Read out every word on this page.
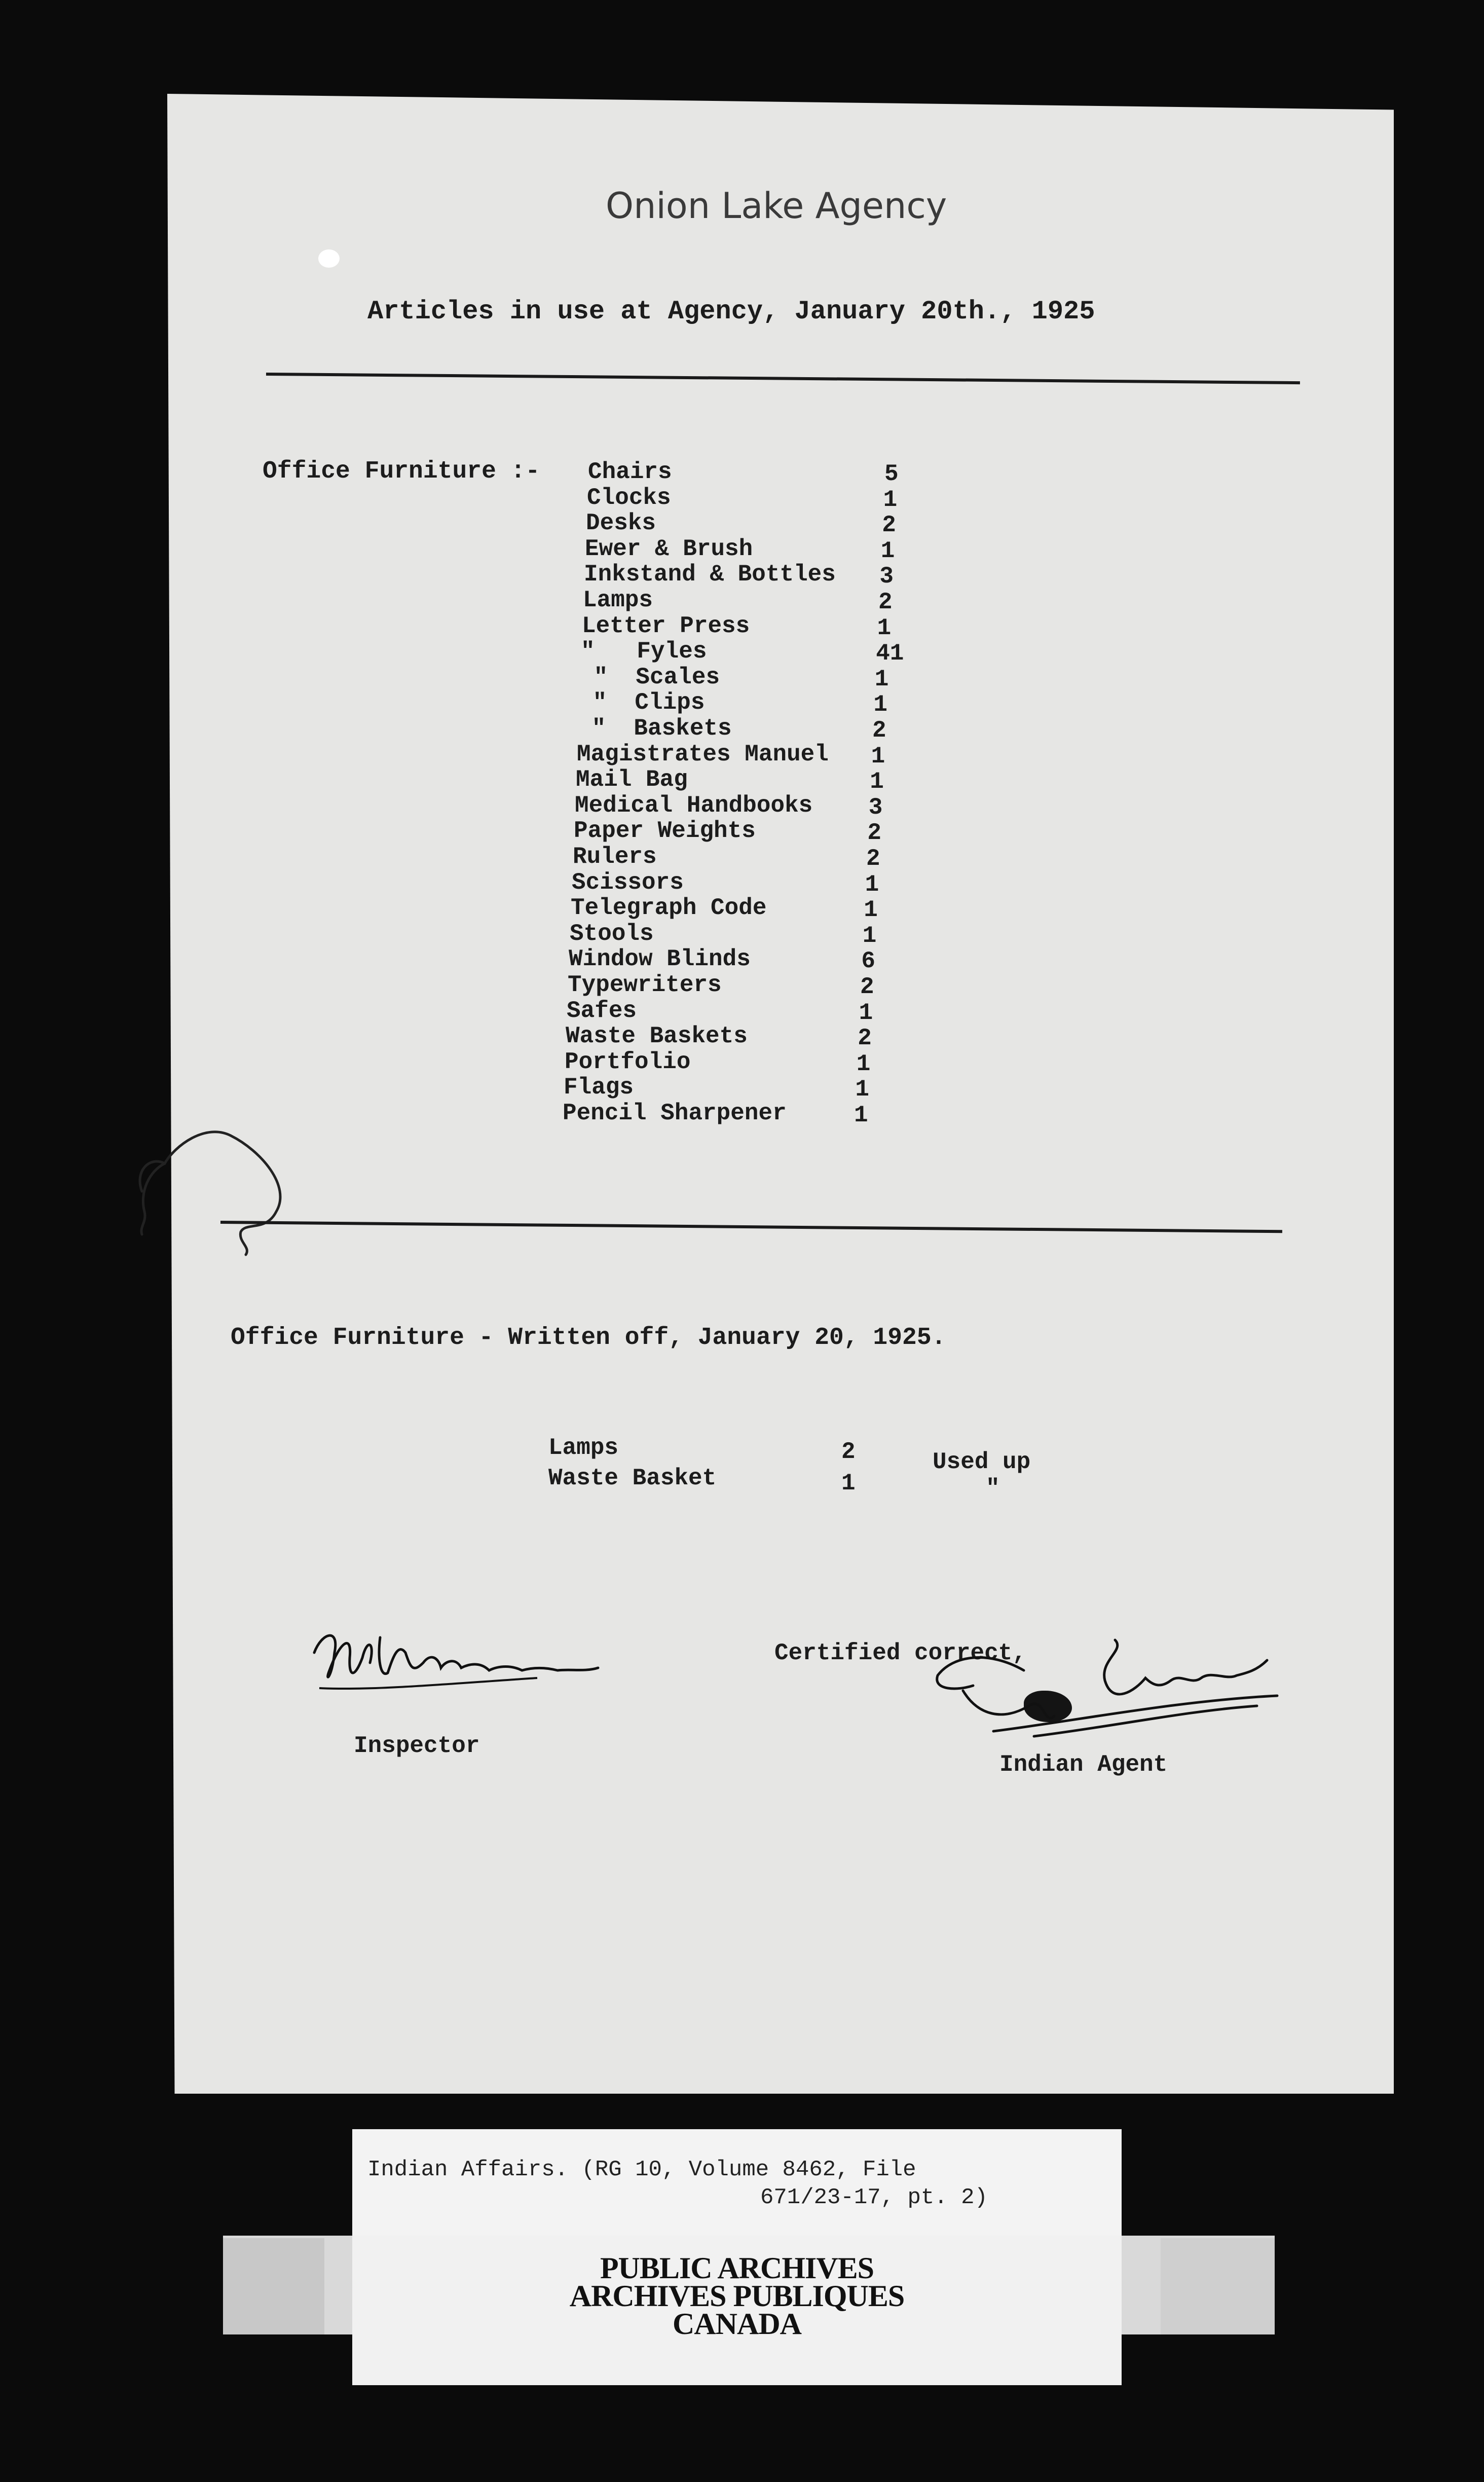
Onion Lake Agency
Articles in use at Agency, January 20th., 1925
Office Furniture :- Chairs	5
Clocks	1
Desks	2
Ewer & Brush	1
Inkstand & Bottles 3
Lamps	2
Letter Press	1
"   Fyles	41
"  Scales	1
"  Clips	1
"  Baskets	2
Magistrates Manuel 1
Mail Bag	1
Medical Handbooks 3
Paper Weights	2
Rulers	2
Scissors	1
Telegraph Code	1
Stools	1
Window Blinds	6
Typewriters	2
Safes	1
Waste Baskets	2
Portfolio	1
Flags	1
Pencil Sharpener	1
Office Furniture - Written off, January 20, 1925.
Lamps	2	Used up
Waste Basket	1	"
Certified correct,
Inspector
Indian Agent
Indian Affairs. (RG 10, Volume 8462, File
671/23-17, pt. 2)
PUBLIC ARCHIVES
ARCHIVES PUBLIQUES
CANADA
